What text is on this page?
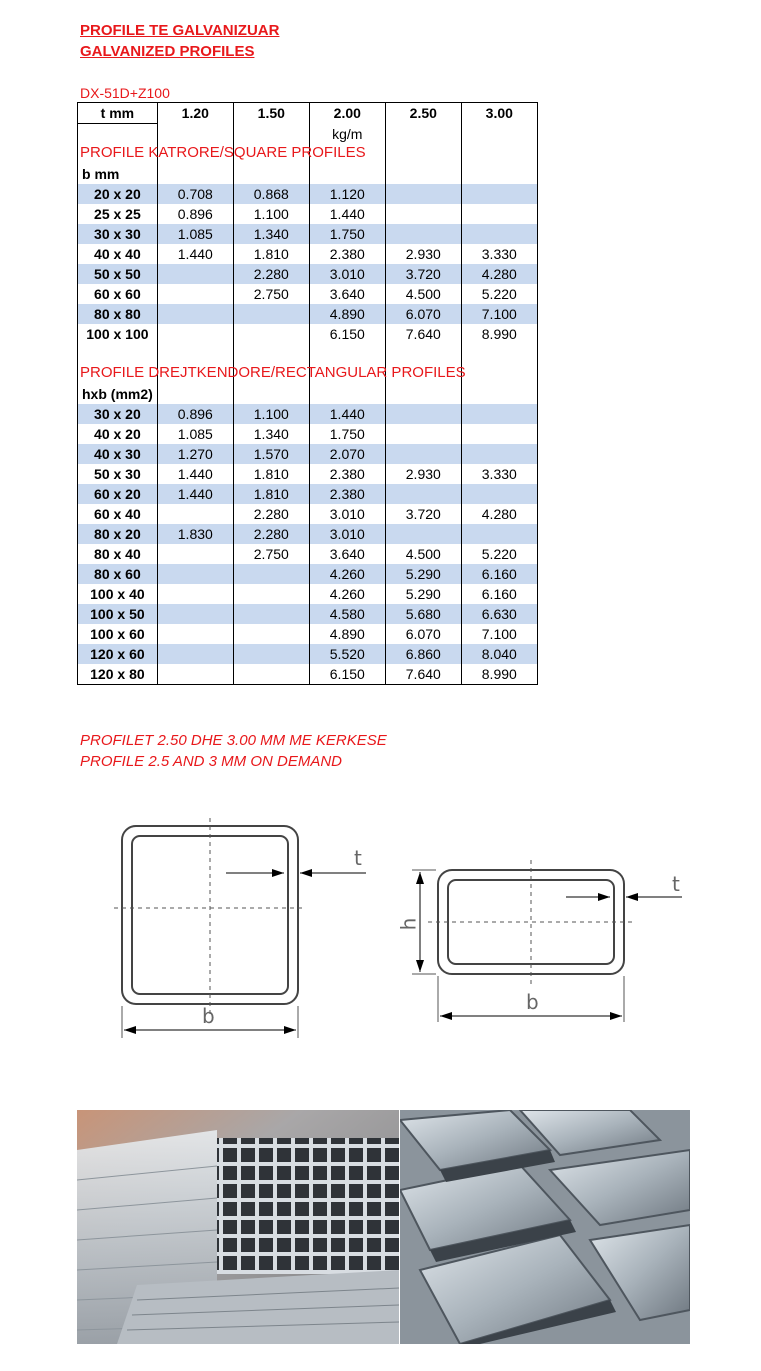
PROFILE TE GALVANIZUAR
GALVANIZED PROFILES
DX-51D+Z100
t mm	1.20	1.50	2.00	2.50	3.00
			kg/m		

b mm					
20 x 20	0.708	0.868	1.120		
25 x 25	0.896	1.100	1.440		
30 x 30	1.085	1.340	1.750		
40 x 40	1.440	1.810	2.380	2.930	3.330
50 x 50		2.280	3.010	3.720	4.280
60 x 60		2.750	3.640	4.500	5.220
80 x 80			4.890	6.070	7.100
100 x 100			6.150	7.640	8.990

hxb (mm2)					
30 x 20	0.896	1.100	1.440		
40 x 20	1.085	1.340	1.750		
40 x 30	1.270	1.570	2.070		
50 x 30	1.440	1.810	2.380	2.930	3.330
60 x 20	1.440	1.810	2.380		
60 x 40		2.280	3.010	3.720	4.280
80 x 20	1.830	2.280	3.010		
80 x 40		2.750	3.640	4.500	5.220
80 x 60			4.260	5.290	6.160
100 x 40			4.260	5.290	6.160
100 x 50			4.580	5.680	6.630
100 x 60			4.890	6.070	7.100
120 x 60			5.520	6.860	8.040
120 x 80			6.150	7.640	8.990
PROFILE KATRORE/SQUARE PROFILES
PROFILE DREJTKENDORE/RECTANGULAR PROFILES
PROFILET 2.50 DHE 3.00 MM ME KERKESE
PROFILE 2.5 AND 3 MM ON DEMAND
t
b
t
h
b
